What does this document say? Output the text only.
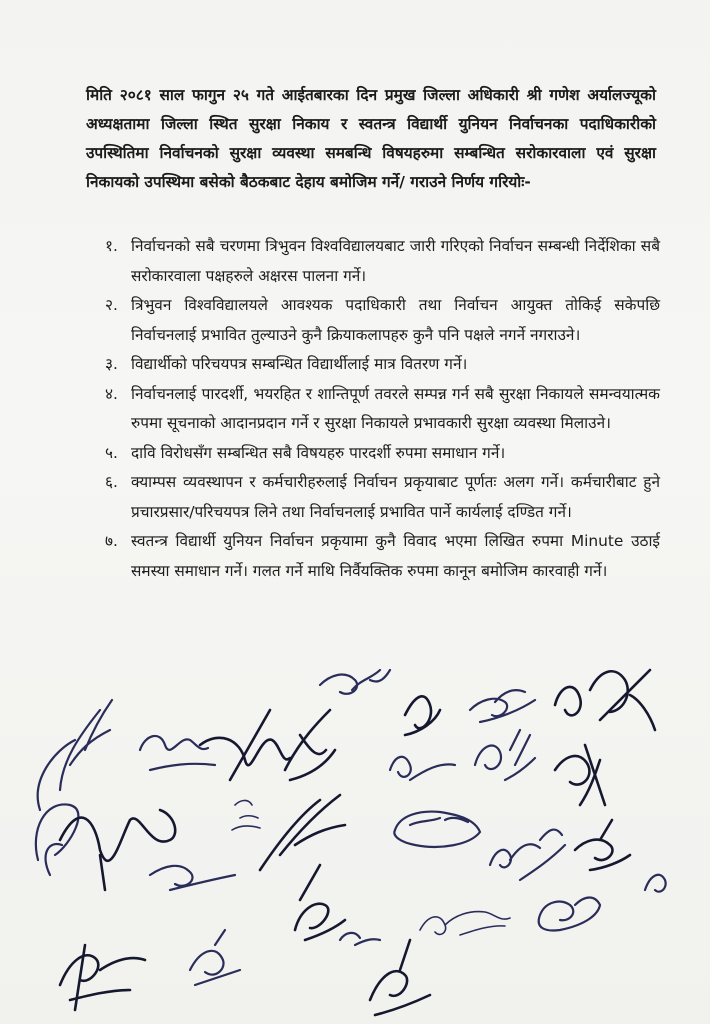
मिति २०८१ साल फागुन २५ गते आईतबारका दिन प्रमुख जिल्ला अधिकारी श्री गणेश अर्यालज्यूको अध्यक्षतामा जिल्ला स्थित सुरक्षा निकाय र स्वतन्त्र विद्यार्थी युनियन निर्वाचनका पदाधिकारीको उपस्थितिमा निर्वाचनको सुरक्षा व्यवस्था समबन्धि विषयहरुमा सम्बन्धित सरोकारवाला एवं सुरक्षा निकायको उपस्थिमा बसेको बैठकबाट देहाय बमोजिम गर्ने/ गराउने निर्णय गरियोः-

१. निर्वाचनको सबै चरणमा त्रिभुवन विश्वविद्यालयबाट जारी गरिएको निर्वाचन सम्बन्धी निर्देशिका सबै सरोकारवाला पक्षहरुले अक्षरस पालना गर्ने।
२. त्रिभुवन विश्वविद्यालयले आवश्यक पदाधिकारी तथा निर्वाचन आयुक्त तोकिई सकेपछि निर्वाचनलाई प्रभावित तुल्याउने कुनै क्रियाकलापहरु कुनै पनि पक्षले नगर्ने नगराउने।
३. विद्यार्थीको परिचयपत्र सम्बन्धित विद्यार्थीलाई मात्र वितरण गर्ने।
४. निर्वाचनलाई पारदर्शी, भयरहित र शान्तिपूर्ण तवरले सम्पन्न गर्न सबै सुरक्षा निकायले समन्वयात्मक रुपमा सूचनाको आदानप्रदान गर्ने र सुरक्षा निकायले प्रभावकारी सुरक्षा व्यवस्था मिलाउने।
५. दावि विरोधसँग सम्बन्धित सबै विषयहरु पारदर्शी रुपमा समाधान गर्ने।
६. क्याम्पस व्यवस्थापन र कर्मचारीहरुलाई निर्वाचन प्रकृयाबाट पूर्णतः अलग गर्ने। कर्मचारीबाट हुने प्रचारप्रसार/परिचयपत्र लिने तथा निर्वाचनलाई प्रभावित पार्ने कार्यलाई दण्डित गर्ने।
७. स्वतन्त्र विद्यार्थी युनियन निर्वाचन प्रकृयामा कुनै विवाद भएमा लिखित रुपमा Minute उठाई समस्या समाधान गर्ने। गलत गर्ने माथि निर्वैयक्तिक रुपमा कानून बमोजिम कारवाही गर्ने।
